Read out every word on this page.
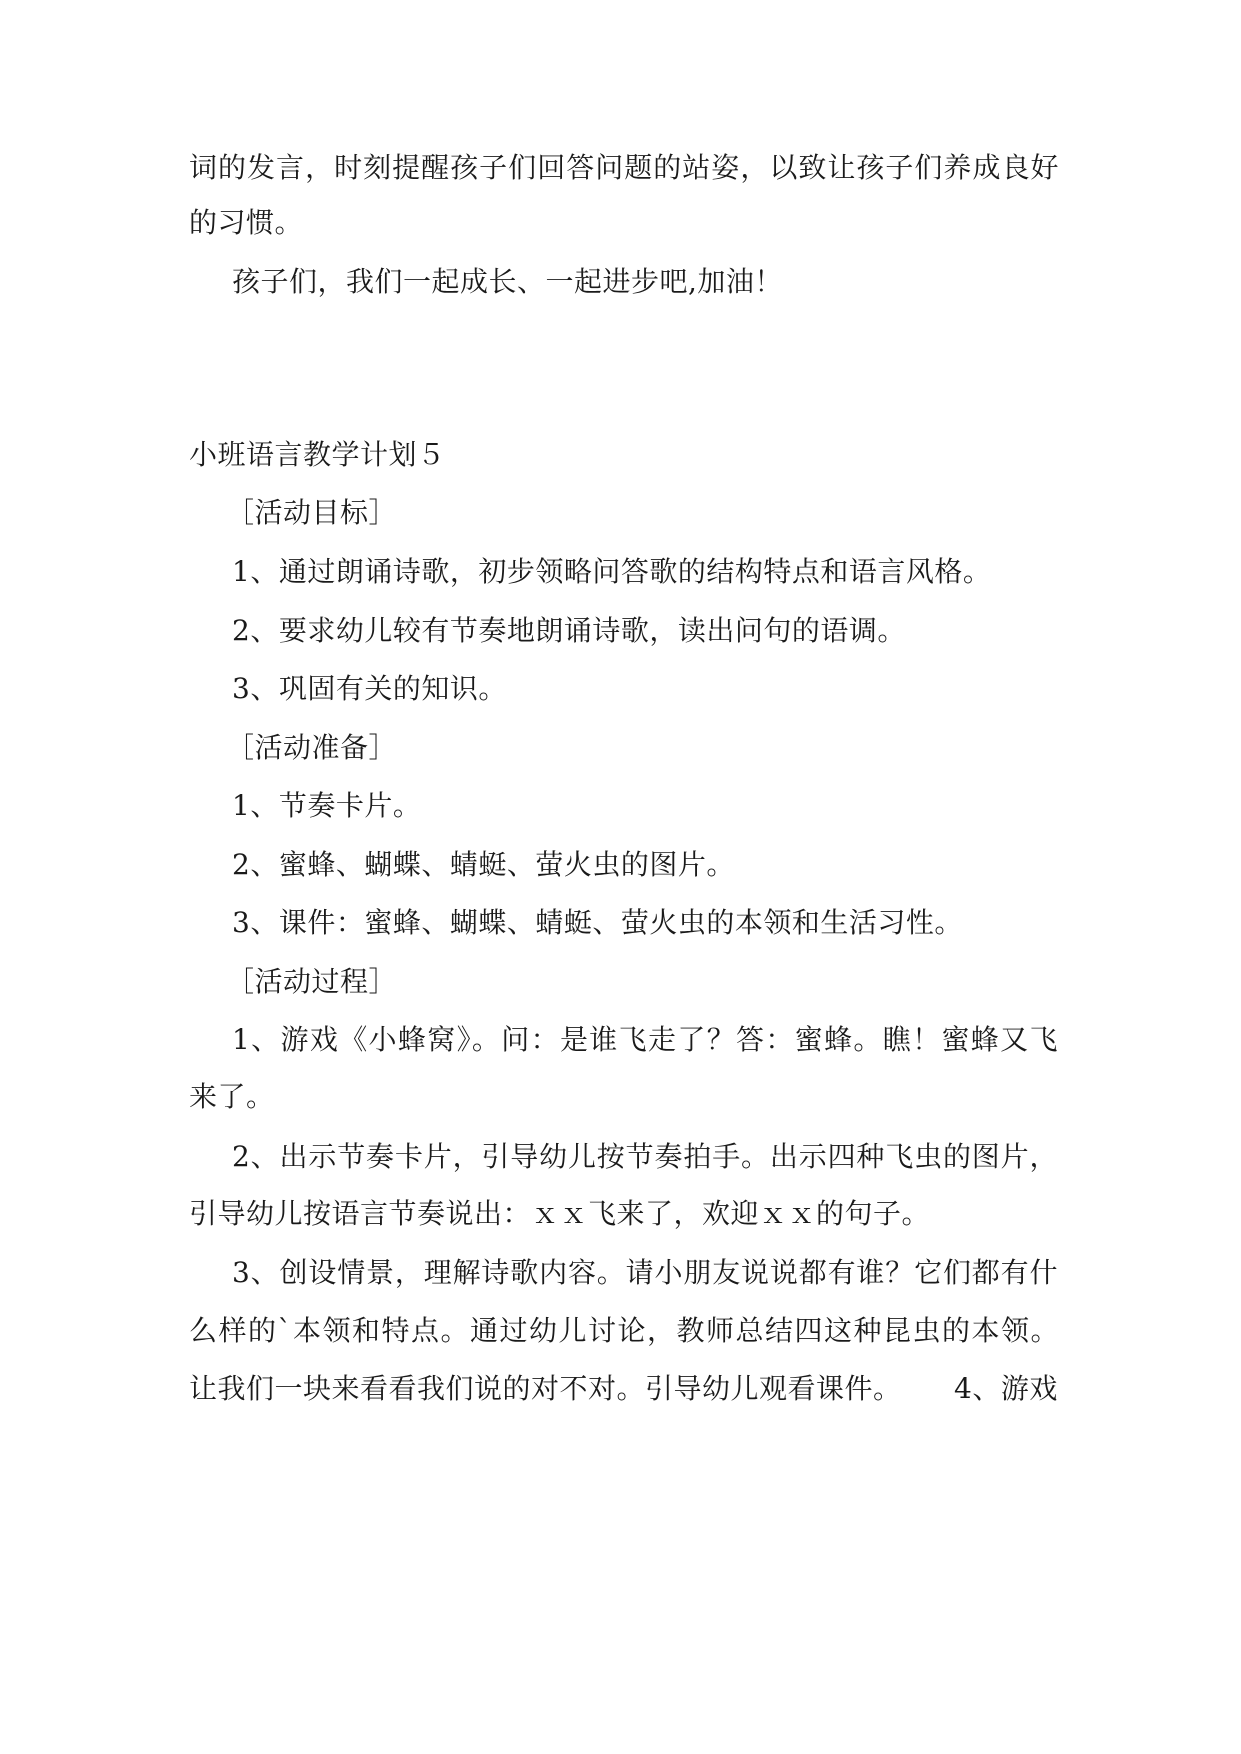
词的发言，时刻提醒孩子们回答问题的站姿，以致让孩子们养成良好
的习惯。
孩子们，我们一起成长、一起进步吧,加油！
小班语言教学计划５
［活动目标］
1、通过朗诵诗歌，初步领略问答歌的结构特点和语言风格。
2、要求幼儿较有节奏地朗诵诗歌，读出问句的语调。
3、巩固有关的知识。
［活动准备］
1、节奏卡片。
2、蜜蜂、蝴蝶、蜻蜓、萤火虫的图片。
3、课件：蜜蜂、蝴蝶、蜻蜓、萤火虫的本领和生活习性。
［活动过程］
1、游戏《小蜂窝》。问：是谁飞走了？答：蜜蜂。瞧！蜜蜂又飞
来了。
2、出示节奏卡片，引导幼儿按节奏拍手。出示四种飞虫的图片，
引导幼儿按语言节奏说出：ｘｘ飞来了，欢迎ｘｘ的句子。
3、创设情景，理解诗歌内容。请小朋友说说都有谁？它们都有什
么样的`本领和特点。通过幼儿讨论，教师总结四这种昆虫的本领。
让我们一块来看看我们说的对不对。引导幼儿观看课件。 4、游戏
